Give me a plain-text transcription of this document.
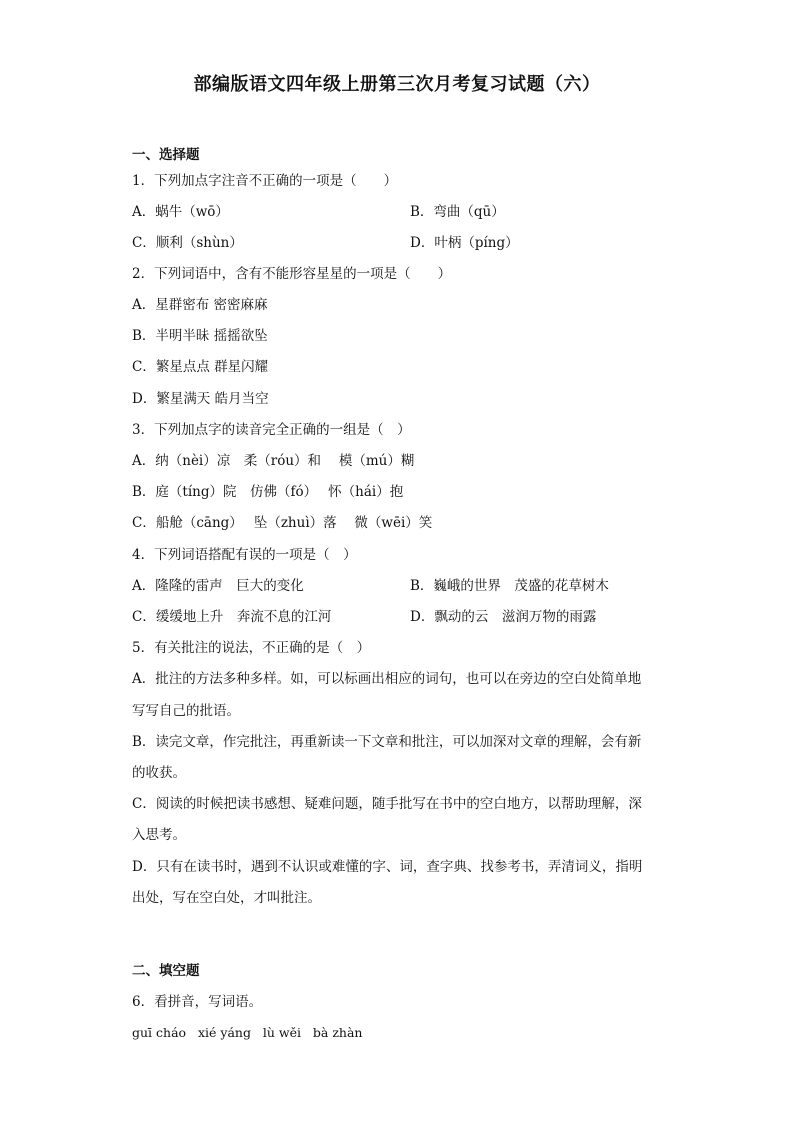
部编版语文四年级上册第三次月考复习试题（六）
一、选择题
1．下列加点字注音不正确的一项是（　　）
A．蜗牛（wō）	B．弯曲（qū）
C．顺利（shùn）	D．叶柄（píng）
2．下列词语中，含有不能形容星星的一项是（　　）
A．星群密布 密密麻麻
B．半明半昧 摇摇欲坠
C．繁星点点 群星闪耀
D．繁星满天 皓月当空
3．下列加点字的读音完全正确的一组是（　）
A．纳（nèi）凉　柔（róu）和　 模（mú）糊
B．庭（tíng）院　仿佛（fó）　 怀（hái）抱
C．船舱（cāng）　 坠（zhuì）落　 微（wēi）笑
4．下列词语搭配有误的一项是（　）
A．隆隆的雷声　巨大的变化	B．巍峨的世界　茂盛的花草树木
C．缓缓地上升　奔流不息的江河	D．飘动的云　滋润万物的雨露
5．有关批注的说法，不正确的是（　）
A．批注的方法多种多样。如，可以标画出相应的词句，也可以在旁边的空白处简单地
写写自己的批语。
B．读完文章，作完批注，再重新读一下文章和批注，可以加深对文章的理解，会有新
的收获。
C．阅读的时候把读书感想、疑难问题，随手批写在书中的空白地方，以帮助理解，深
入思考。
D．只有在读书时，遇到不认识或难懂的字、词，查字典、找参考书，弄清词义，指明
出处，写在空白处，才叫批注。
二、填空题
6．看拼音，写词语。
guī cháo   xié yáng   lù wěi   bà zhàn
